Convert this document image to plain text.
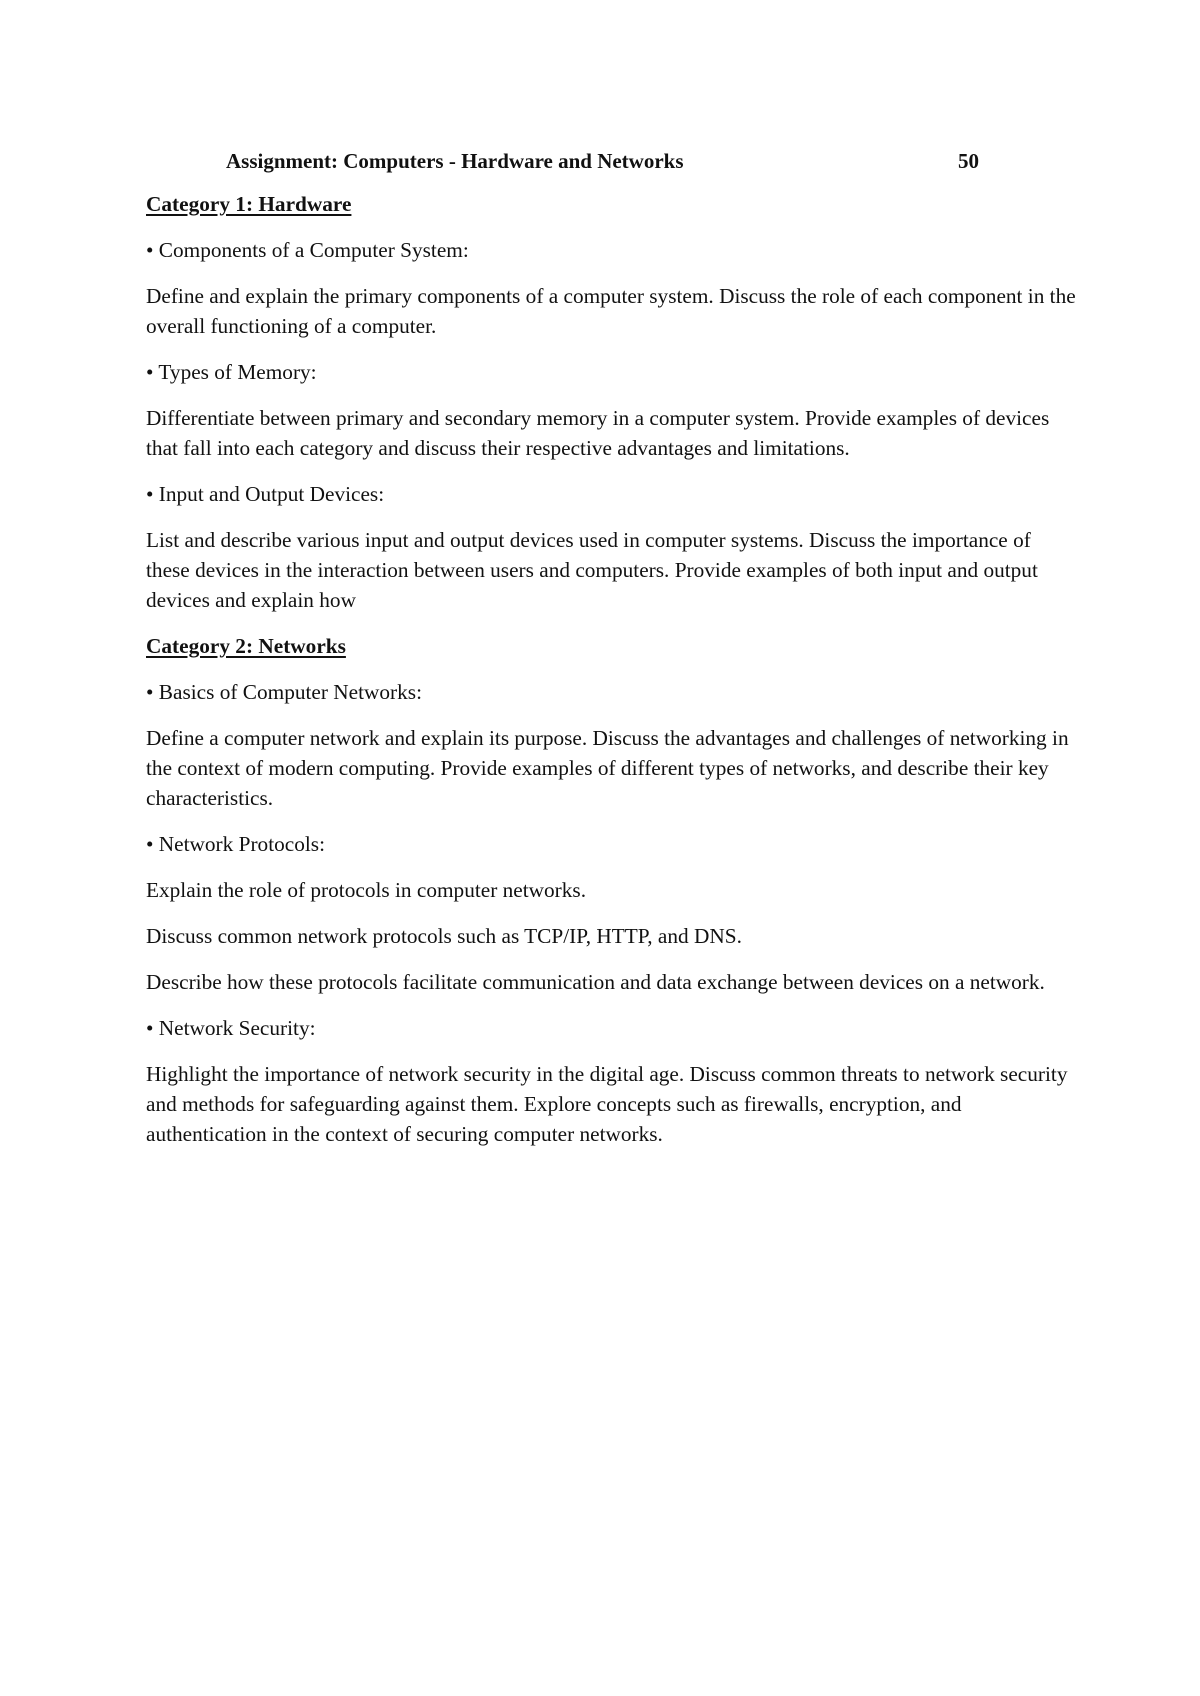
Assignment: Computers - Hardware and Networks	50

Category 1: Hardware

• Components of a Computer System:

Define and explain the primary components of a computer system. Discuss the role of each component in the overall functioning of a computer.

• Types of Memory:

Differentiate between primary and secondary memory in a computer system. Provide examples of devices that fall into each category and discuss their respective advantages and limitations.

• Input and Output Devices:

List and describe various input and output devices used in computer systems. Discuss the importance of these devices in the interaction between users and computers. Provide examples of both input and output devices and explain how

Category 2: Networks

• Basics of Computer Networks:

Define a computer network and explain its purpose. Discuss the advantages and challenges of networking in the context of modern computing. Provide examples of different types of networks, and describe their key characteristics.

• Network Protocols:

Explain the role of protocols in computer networks.

Discuss common network protocols such as TCP/IP, HTTP, and DNS.

Describe how these protocols facilitate communication and data exchange between devices on a network.

• Network Security:

Highlight the importance of network security in the digital age. Discuss common threats to network security and methods for safeguarding against them. Explore concepts such as firewalls, encryption, and authentication in the context of securing computer networks.
